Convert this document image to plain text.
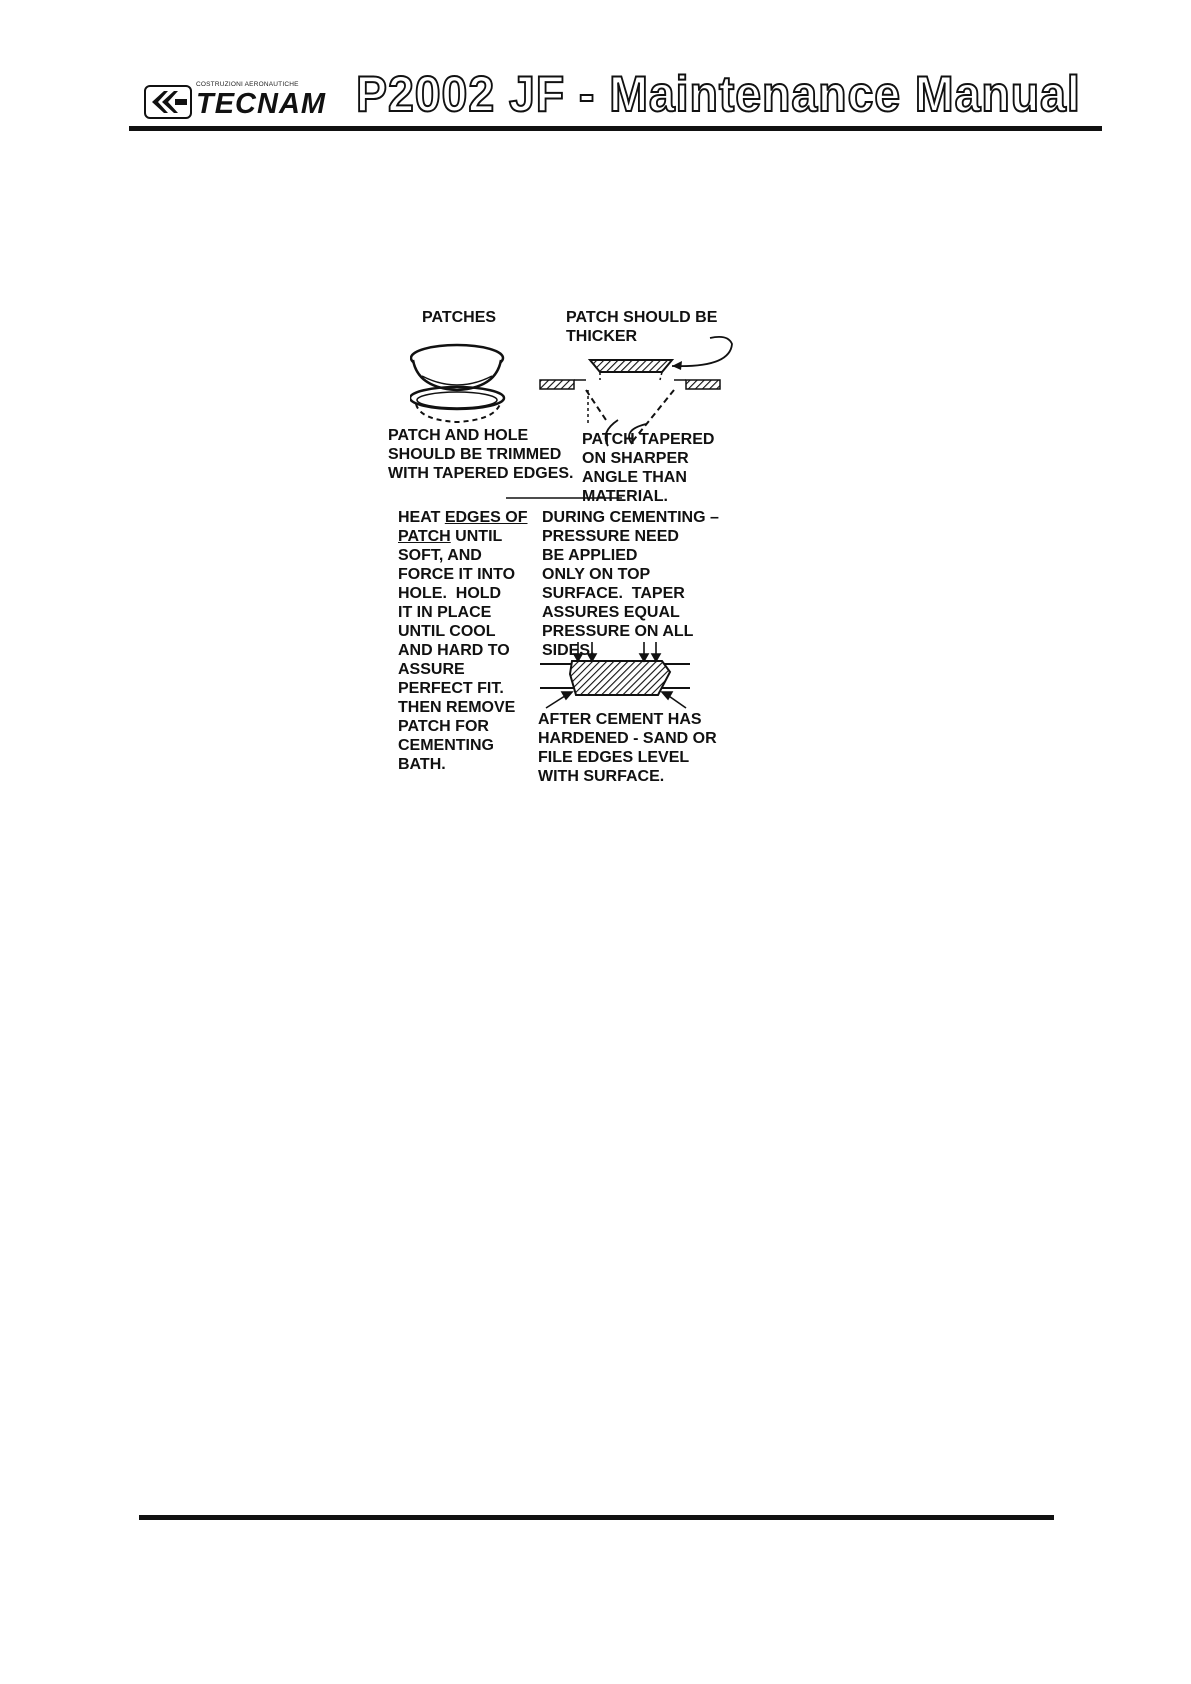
COSTRUZIONI AERONAUTICHE
TECNAM P2002 JF - Maintenance Manual
PATCHES	PATCH SHOULD BE
THICKER
PATCH AND HOLE
SHOULD BE TRIMMED
WITH TAPERED EDGES.
PATCH TAPERED
ON SHARPER
ANGLE THAN
MATERIAL.
HEAT EDGES OF
PATCH UNTIL
SOFT, AND
FORCE IT INTO
HOLE.  HOLD
IT IN PLACE
UNTIL COOL
AND HARD TO
ASSURE
PERFECT FIT.
THEN REMOVE
PATCH FOR
CEMENTING
BATH.
DURING CEMENTING –
PRESSURE NEED
BE APPLIED
ONLY ON TOP
SURFACE.  TAPER
ASSURES EQUAL
PRESSURE ON ALL
SIDES.
AFTER CEMENT HAS
HARDENED - SAND OR
FILE EDGES LEVEL
WITH SURFACE.
